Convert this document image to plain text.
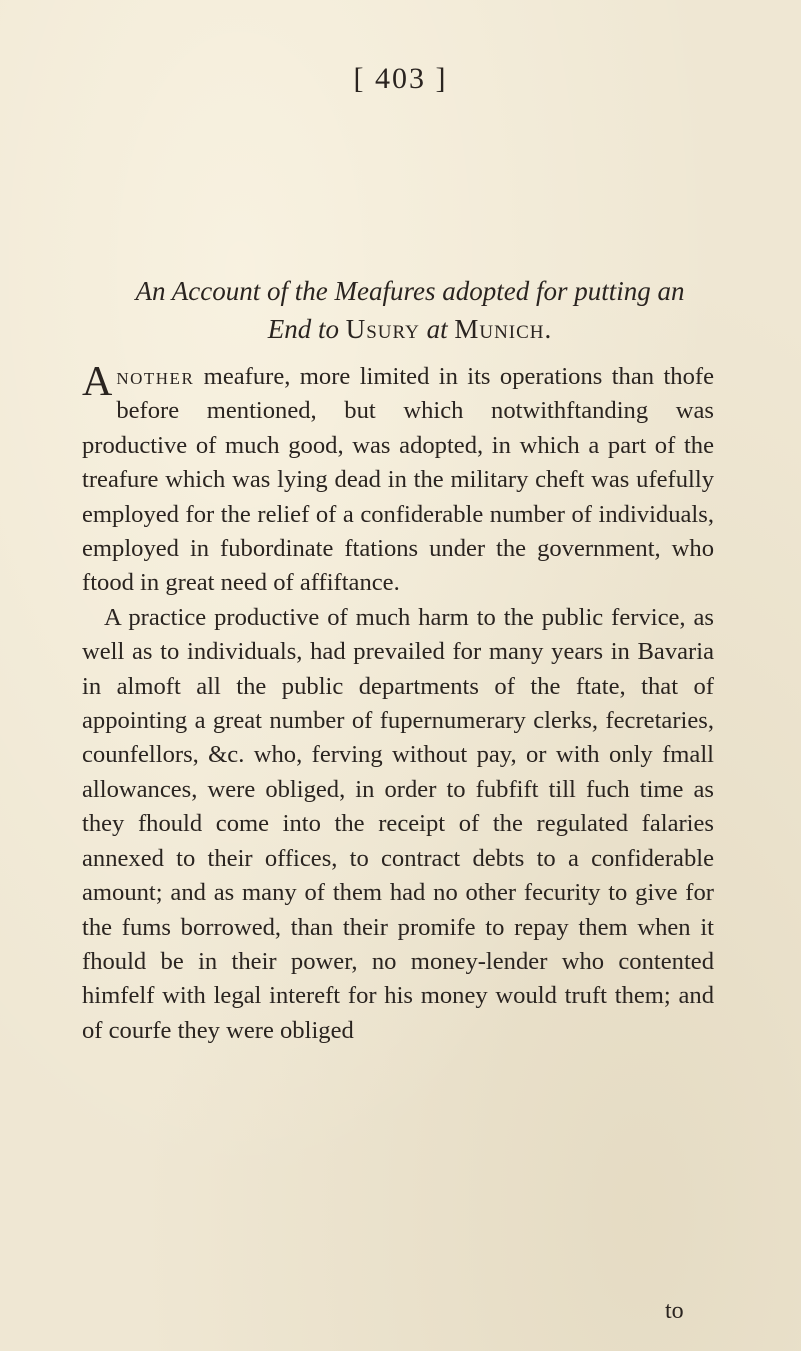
[ 403 ]
An Account of the Meafures adopted for putting an
End to Usury at Munich.

Another meafure, more limited in its operations than thofe before mentioned, but which notwithftanding was productive of much good, was adopted, in which a part of the treafure which was lying dead in the military cheft was ufefully employed for the relief of a confiderable number of individuals, employed in fubordinate ftations under the government, who ftood in great need of affiftance.

A practice productive of much harm to the public fervice, as well as to individuals, had prevailed for many years in Bavaria in almoft all the public departments of the ftate, that of appointing a great number of fupernumerary clerks, fecretaries, counfellors, &c. who, ferving without pay, or with only fmall allowances, were obliged, in order to fubfift till fuch time as they fhould come into the receipt of the regulated falaries annexed to their offices, to contract debts to a confiderable amount; and as many of them had no other fecurity to give for the fums borrowed, than their promife to repay them when it fhould be in their power, no money-lender who contented himfelf with legal intereft for his money would truft them; and of courfe they were obliged

to
